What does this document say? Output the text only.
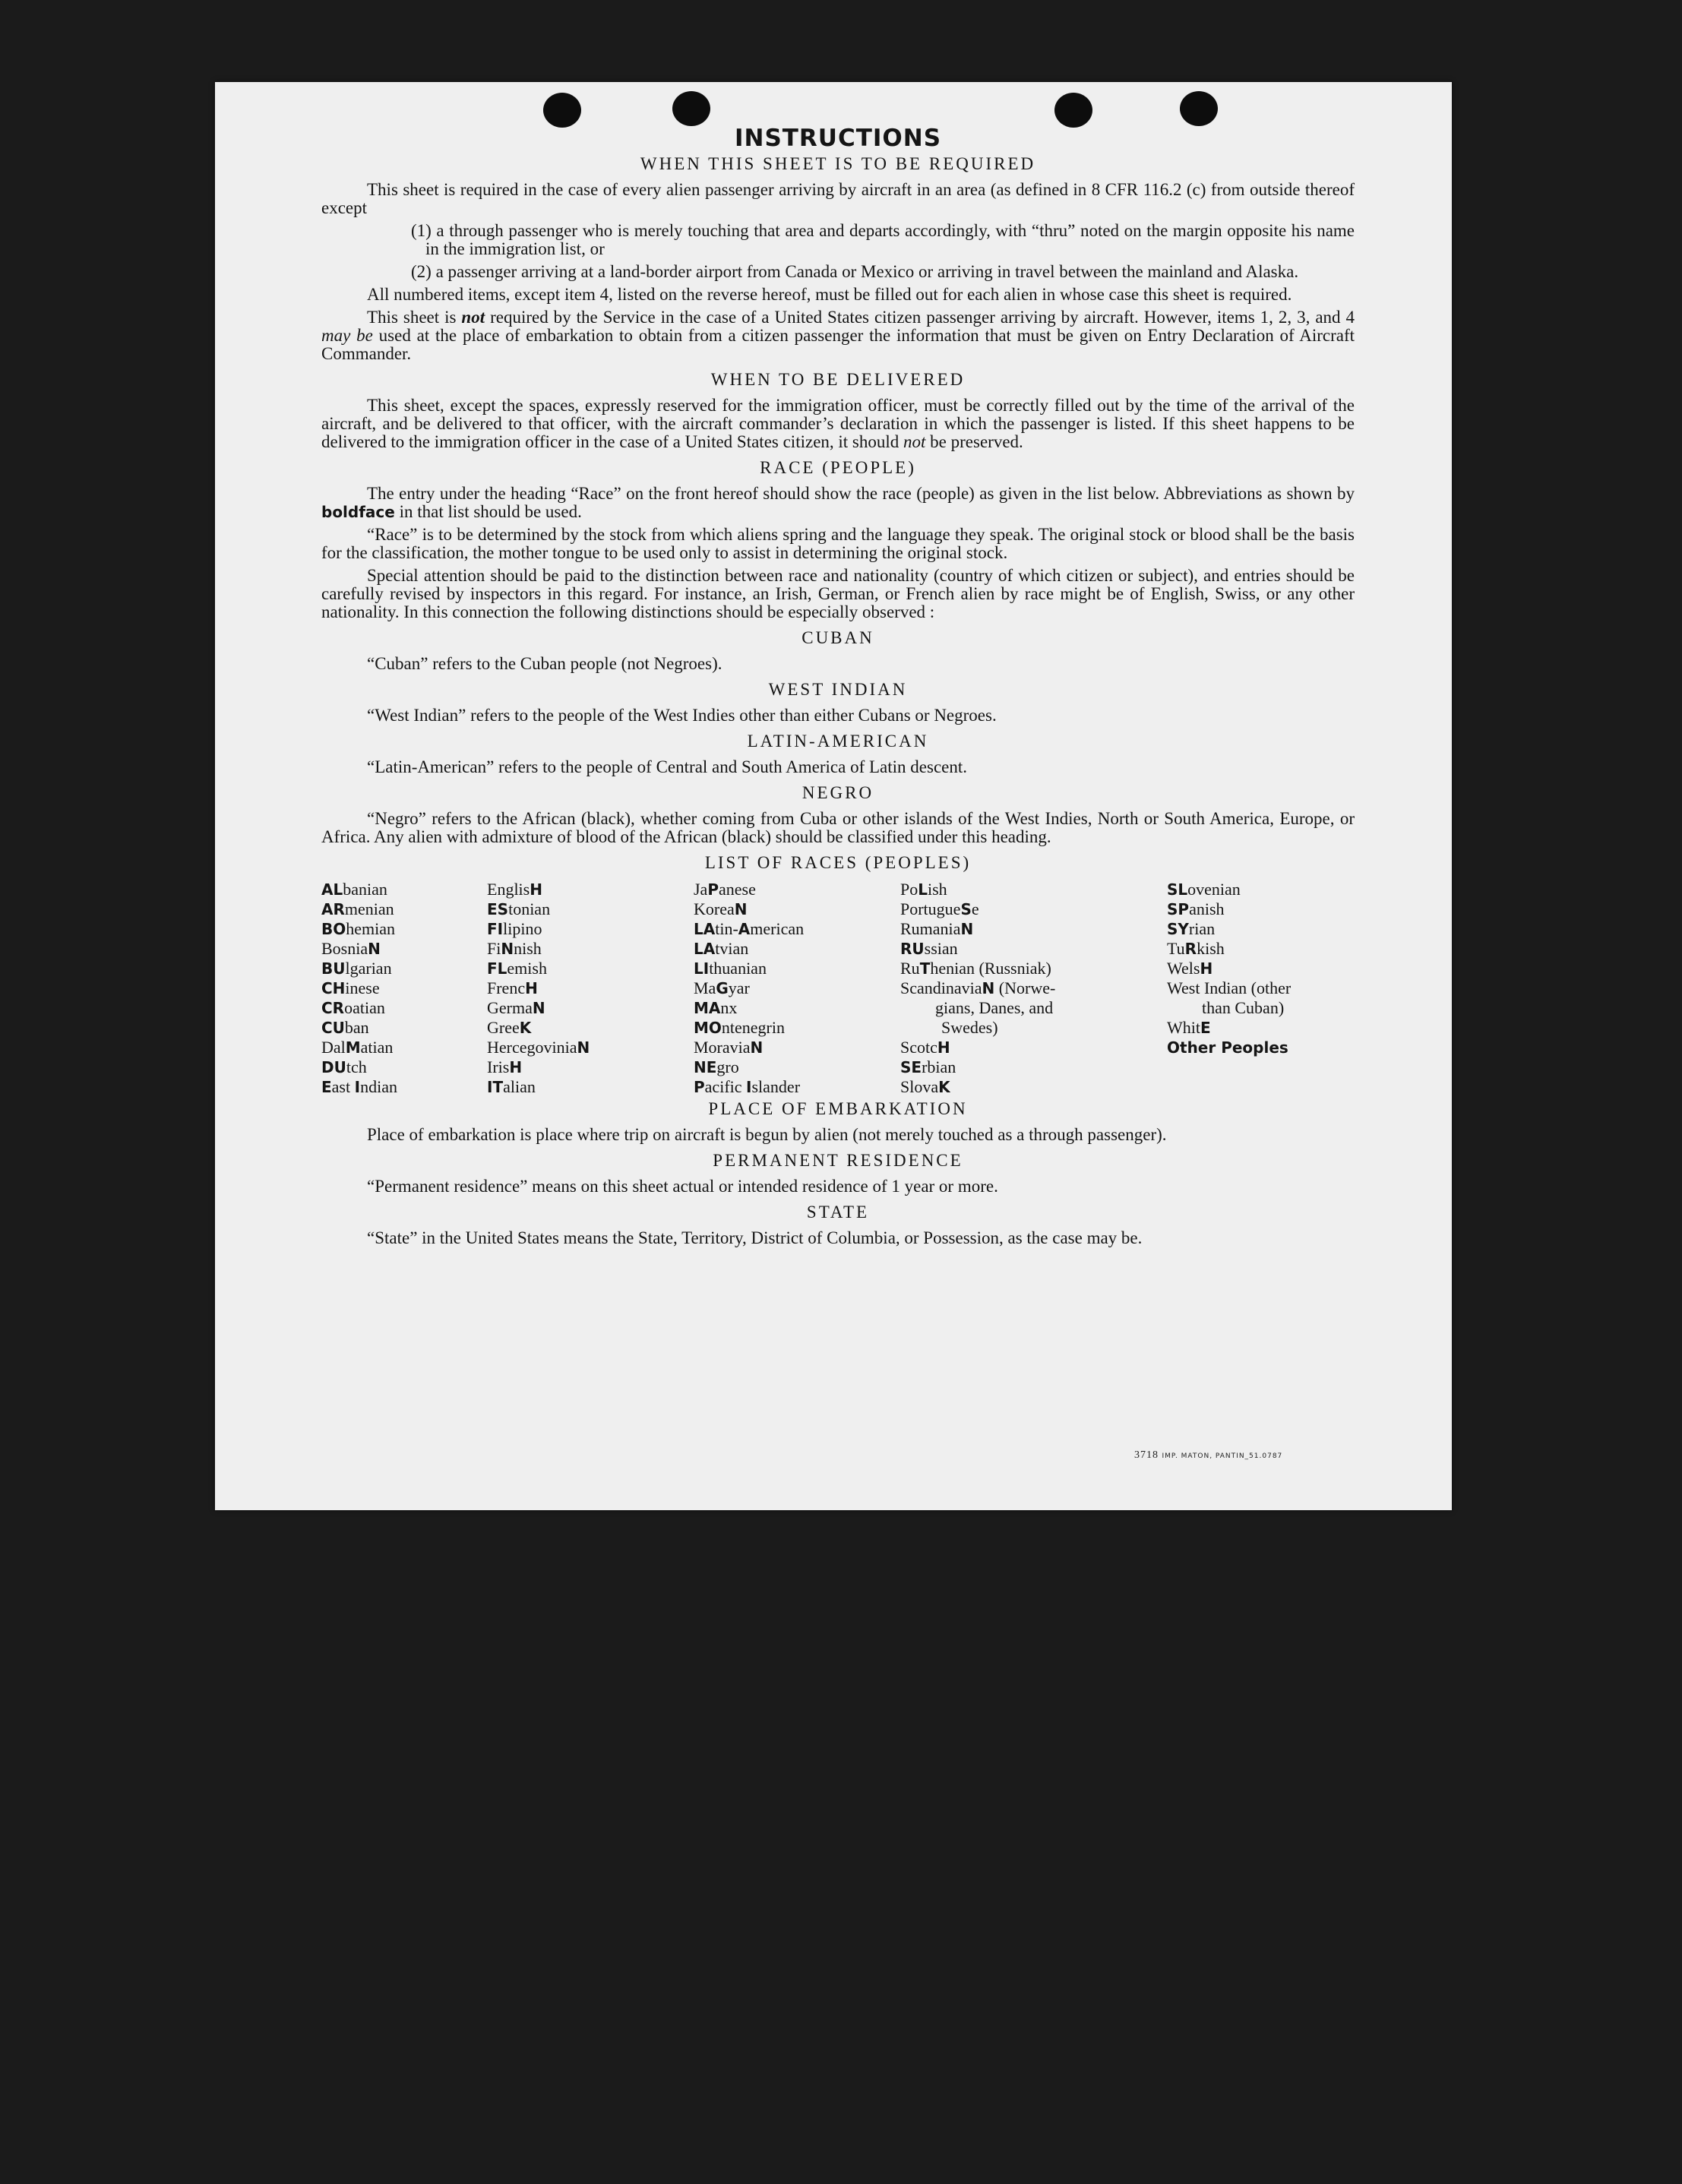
INSTRUCTIONS
WHEN THIS SHEET IS TO BE REQUIRED

This sheet is required in the case of every alien passenger arriving by aircraft in an area (as defined in 8 CFR 116.2 (c) from outside thereof except

(1) a through passenger who is merely touching that area and departs accordingly, with “thru” noted on the margin opposite his name in the immigration list, or
(2) a passenger arriving at a land-border airport from Canada or Mexico or arriving in travel between the mainland and Alaska.

All numbered items, except item 4, listed on the reverse hereof, must be filled out for each alien in whose case this sheet is required.

This sheet is not required by the Service in the case of a United States citizen passenger arriving by aircraft. However, items 1, 2, 3, and 4 may be used at the place of embarkation to obtain from a citizen passenger the information that must be given on Entry Declaration of Aircraft Commander.

WHEN TO BE DELIVERED

This sheet, except the spaces, expressly reserved for the immigration officer, must be correctly filled out by the time of the arrival of the aircraft, and be delivered to that officer, with the aircraft commander’s declaration in which the passenger is listed. If this sheet happens to be delivered to the immigration officer in the case of a United States citizen, it should not be preserved.

RACE (PEOPLE)

The entry under the heading “Race” on the front hereof should show the race (people) as given in the list below. Abbreviations as shown by boldface in that list should be used.

“Race” is to be determined by the stock from which aliens spring and the language they speak. The original stock or blood shall be the basis for the classification, the mother tongue to be used only to assist in determining the original stock.

Special attention should be paid to the distinction between race and nationality (country of which citizen or subject), and entries should be carefully revised by inspectors in this regard. For instance, an Irish, German, or French alien by race might be of English, Swiss, or any other nationality. In this connection the following distinctions should be especially observed :

CUBAN

“Cuban” refers to the Cuban people (not Negroes).

WEST INDIAN

“West Indian” refers to the people of the West Indies other than either Cubans or Negroes.

LATIN-AMERICAN

“Latin-American” refers to the people of Central and South America of Latin descent.

NEGRO

“Negro” refers to the African (black), whether coming from Cuba or other islands of the West Indies, North or South America, Europe, or Africa. Any alien with admixture of blood of the African (black) should be classified under this heading.

LIST OF RACES (PEOPLES)
ALbanian
ARmenian
BOhemian
BosniaN
BUlgarian
CHinese
CRoatian
CUban
DalMatian
DUtch
East Indian
EnglisH
EStonian
FIlipino
FiNnish
FLemish
FrencH
GermaN
GreeK
HercegoviniaN
IrisH
ITalian
JaPanese
KoreaN
LAtin-American
LAtvian
LIthuanian
MaGyar
MAnx
MOntenegrin
MoraviaN
NEgro
Pacific Islander
PoLish
PortugueSe
RumaniaN
RUssian
RuThenian (Russniak)
ScandinaviaN (Norwe-
gians, Danes, and
Swedes)
ScotcH
SErbian
SlovaK
SLovenian
SPanish
SYrian
TuRkish
WelsH
West Indian (other
than Cuban)
WhitE
Other Peoples
PLACE OF EMBARKATION

Place of embarkation is place where trip on aircraft is begun by alien (not merely touched as a through passenger).

PERMANENT RESIDENCE

“Permanent residence” means on this sheet actual or intended residence of 1 year or more.

STATE

“State” in the United States means the State, Territory, District of Columbia, or Possession, as the case may be.

3718 IMP. MATON, PANTIN_51.0787
